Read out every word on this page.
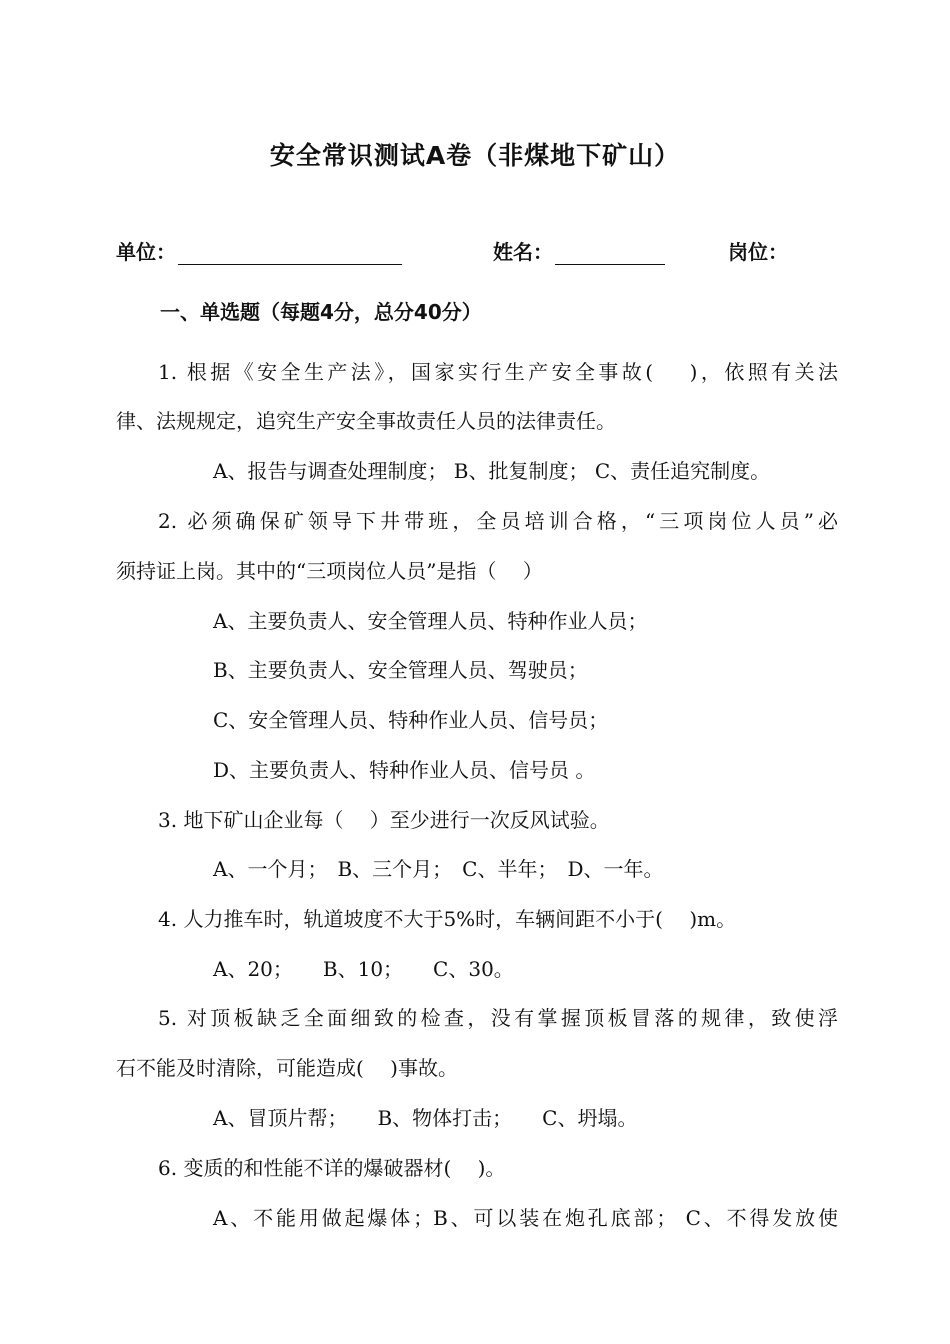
安全常识测试A卷（非煤地下矿山）
单位：	姓名：	岗位：
一、单选题（每题4分，总分40分）
1. 根据《安全生产法》，国家实行生产安全事故(　 )，依照有关法
律、法规规定，追究生产安全事故责任人员的法律责任。
A、报告与调查处理制度； B、批复制度； C、责任追究制度。
2. 必须确保矿领导下井带班，全员培训合格，“三项岗位人员”必
须持证上岗。其中的“三项岗位人员”是指（　 ）
A、主要负责人、安全管理人员、特种作业人员；
B、主要负责人、安全管理人员、驾驶员；
C、安全管理人员、特种作业人员、信号员；
D、主要负责人、特种作业人员、信号员 。
3. 地下矿山企业每（　 ）至少进行一次反风试验。
A、一个月；　B、三个月；　C、半年；　D、一年。
4. 人力推车时，轨道坡度不大于5%时，车辆间距不小于(　 )m。
A、20；　　B、10；　　C、30。
5. 对顶板缺乏全面细致的检查，没有掌握顶板冒落的规律，致使浮
石不能及时清除，可能造成(　 )事故。
A、冒顶片帮；　　B、物体打击；　　C、坍塌。
6. 变质的和性能不详的爆破器材(　 )。
A、不能用做起爆体；B、可以装在炮孔底部； C、不得发放使
